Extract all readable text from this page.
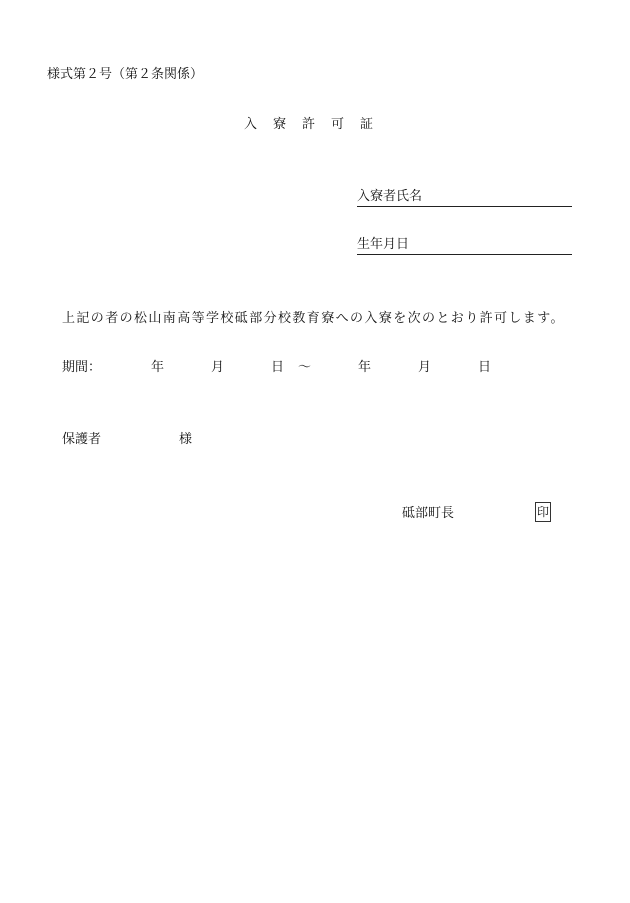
様式第２号（第２条関係）
入寮許可証
入寮者氏名
生年月日
上記の者の松山南高等学校砥部分校教育寮への入寮を次のとおり許可します。
期間：	年	月	日 ～	年	月	日
保護者	様
砥部町長	印
